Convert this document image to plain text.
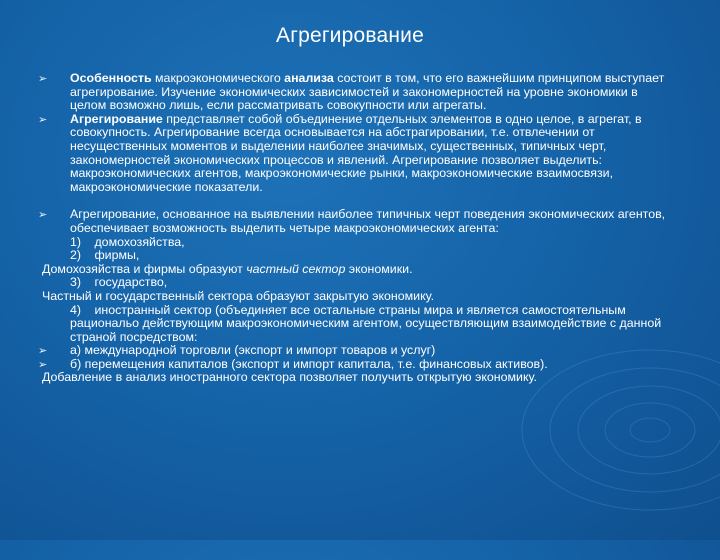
Агрегирование

➢ Особенность макроэкономического анализа состоит в том, что его важнейшим принципом выступает агрегирование. Изучение экономических зависимостей и закономерностей на уровне экономики в целом возможно лишь, если рассматривать совокупности или агрегаты.

➢ Агрегирование представляет собой объединение отдельных элементов в одно целое, в агрегат, в совокупность. Агрегирование всегда основывается на абстрагировании, т.е. отвлечении от несущественных моментов и выделении наиболее значимых, существенных, типичных черт, закономерностей экономических процессов и явлений. Агрегирование позволяет выделить: макроэкономических агентов, макроэкономические рынки, макроэкономические взаимосвязи, макроэкономические показатели.

➢ Агрегирование, основанное на выявлении наиболее типичных черт поведения экономических агентов, обеспечивает возможность выделить четыре макроэкономических агента:

1) домохозяйства,

2) фирмы,

Домохозяйства и фирмы образуют частный сектор экономики.

3) государство,

Частный и государственный сектора образуют закрытую экономику.

4) иностранный сектор (объединяет все остальные страны мира и является самостоятельным рациональо действующим макроэкономическим агентом, осуществляющим взаимодействие с данной страной посредством:

➢ а) международной торговли (экспорт и импорт товаров и услуг)

➢ б) перемещения капиталов (экспорт и импорт капитала, т.е. финансовых активов).

Добавление в анализ иностранного сектора позволяет получить открытую экономику.
